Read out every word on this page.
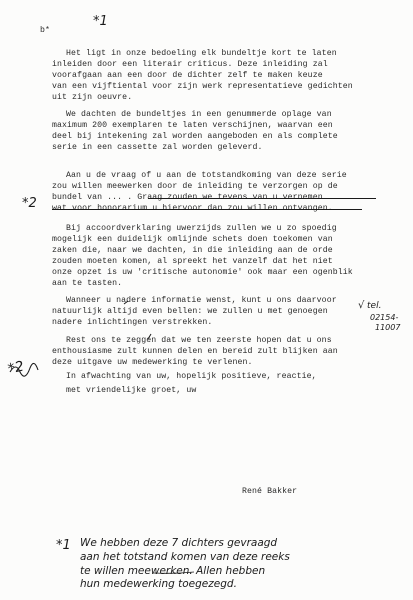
*1
b*
Het ligt in onze bedoeling elk bundeltje kort te laten
inleiden door een literair criticus. Deze inleiding zal
voorafgaan aan een door de dichter zelf te maken keuze
van een vijftiental voor zijn werk representatieve gedichten
uit zijn oeuvre.
We dachten de bundeltjes in een genummerde oplage van
maximum 200 exemplaren te laten verschijnen, waarvan een
deel bij intekening zal worden aangeboden en als complete
serie in een cassette zal worden geleverd.
Aan u de vraag of u aan de totstandkoming van deze serie
zou willen meewerken door de inleiding te verzorgen op de
bundel van ... . Graag zouden we tevens van u vernemen
wat voor honorarium u hiervoor dan zou willen ontvangen.
*2
Bij accoordverklaring uwerzijds zullen we u zo spoedig
mogelijk een duidelijk omlijnde schets doen toekomen van
zaken die, naar we dachten, in die inleiding aan de orde
zouden moeten komen, al spreekt het vanzelf dat het niet
onze opzet is uw 'critische autonomie' ook maar een ogenblik
aan te tasten.
Wanneer u nadere informatie wenst, kunt u ons daarvoor
natuurlijk altijd even bellen: we zullen u met genoegen
nadere inlichtingen verstrekken.
√ tel.
02154-
11007
Rest ons te zeggen dat we ten zeerste hopen dat u ons
enthousiasme zult kunnen delen en bereid zult blijken aan
deze uitgave uw medewerking te verlenen.
In afwachting van uw, hopelijk positieve, reactie,
met vriendelijke groet, uw
*2
René Bakker
*1 We hebben deze 7 dichters gevraagd
aan het totstand komen van deze reeks
te willen meewerken. Allen hebben
hun medewerking toegezegd.
